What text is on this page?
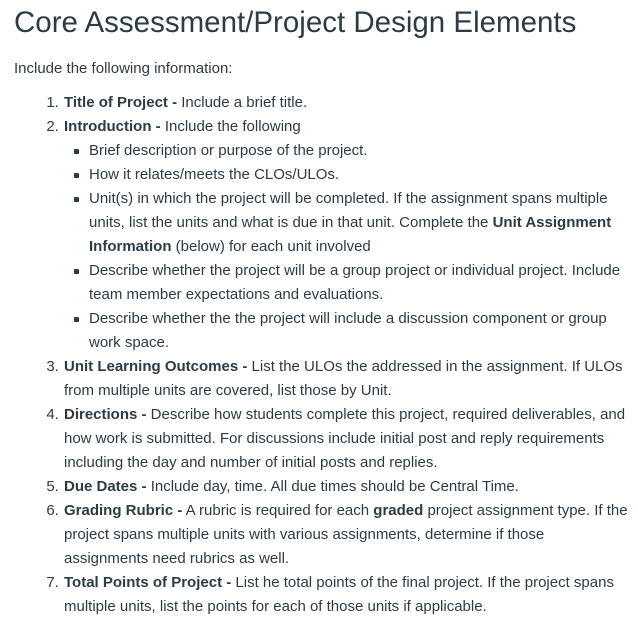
Core Assessment/Project Design Elements

Include the following information:

1. Title of Project - Include a brief title.
2. Introduction - Include the following
Brief description or purpose of the project.
How it relates/meets the CLOs/ULOs.
Unit(s) in which the project will be completed. If the assignment spans multiple units, list the units and what is due in that unit. Complete the Unit Assignment Information (below) for each unit involved
Describe whether the project will be a group project or individual project. Include team member expectations and evaluations.
Describe whether the the project will include a discussion component or group work space.
3. Unit Learning Outcomes - List the ULOs the addressed in the assignment. If ULOs from multiple units are covered, list those by Unit.
4. Directions - Describe how students complete this project, required deliverables, and how work is submitted. For discussions include initial post and reply requirements including the day and number of initial posts and replies.
5. Due Dates - Include day, time. All due times should be Central Time.
6. Grading Rubric - A rubric is required for each graded project assignment type. If the project spans multiple units with various assignments, determine if those assignments need rubrics as well.
7. Total Points of Project - List he total points of the final project. If the project spans multiple units, list the points for each of those units if applicable.
